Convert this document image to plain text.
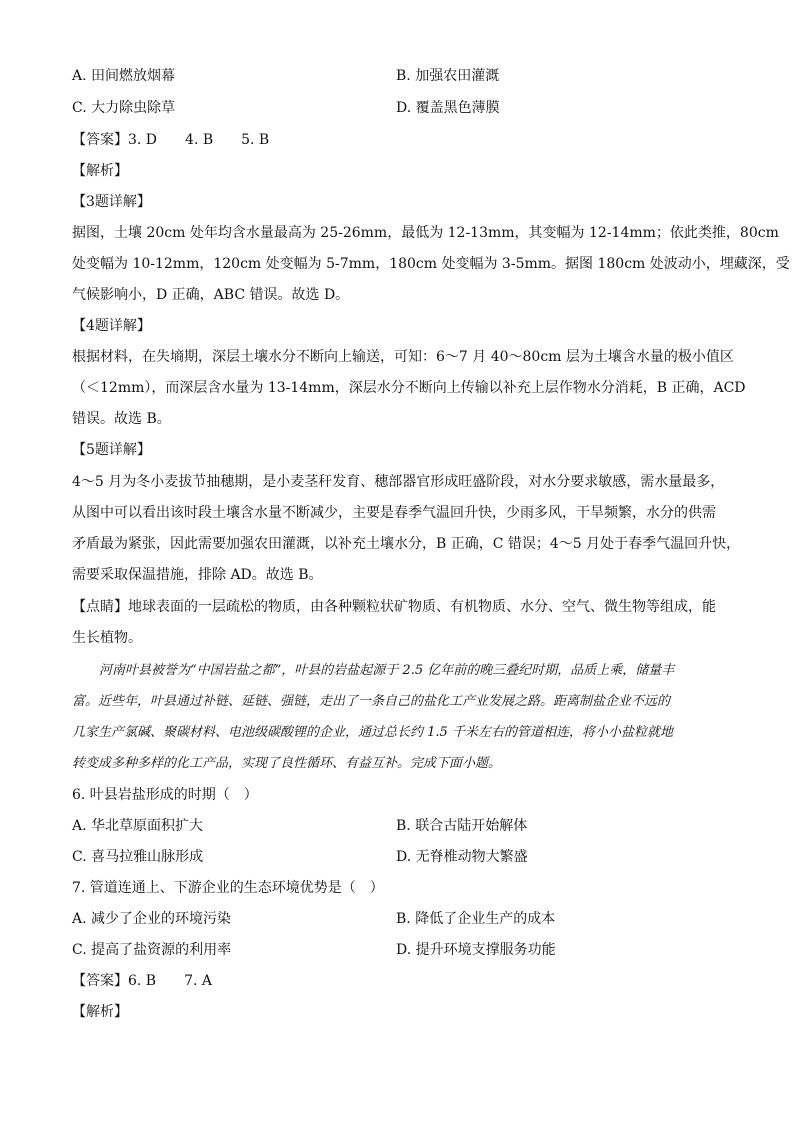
A. 田间燃放烟幕	B. 加强农田灌溉
C. 大力除虫除草	D. 覆盖黑色薄膜
【答案】3. D　　4. B　　5. B
【解析】
【3题详解】
据图，土壤 20cm 处年均含水量最高为 25-26mm，最低为 12-13mm，其变幅为 12-14mm；依此类推，80cm
处变幅为 10-12mm，120cm 处变幅为 5-7mm，180cm 处变幅为 3-5mm。据图 180cm 处波动小，埋藏深，受
气候影响小，D 正确，ABC 错误。故选 D。
【4题详解】
根据材料，在失墒期，深层土壤水分不断向上输送，可知：6～7 月 40～80cm 层为土壤含水量的极小值区
（＜12mm），而深层含水量为 13-14mm，深层水分不断向上传输以补充上层作物水分消耗，B 正确，ACD
错误。故选 B。
【5题详解】
4～5 月为冬小麦拔节抽穗期，是小麦茎秆发育、穗部器官形成旺盛阶段，对水分要求敏感，需水量最多，
从图中可以看出该时段土壤含水量不断减少，主要是春季气温回升快，少雨多风，干旱频繁，水分的供需
矛盾最为紧张，因此需要加强农田灌溉，以补充土壤水分，B 正确，C 错误；4～5 月处于春季气温回升快，
需要采取保温措施，排除 AD。故选 B。
【点睛】地球表面的一层疏松的物质，由各种颗粒状矿物质、有机物质、水分、空气、微生物等组成，能
生长植物。
河南叶县被誉为“中国岩盐之都”，叶县的岩盐起源于 2.5 亿年前的晚三叠纪时期，品质上乘，储量丰
富。近些年，叶县通过补链、延链、强链，走出了一条自己的盐化工产业发展之路。距离制盐企业不远的
几家生产氯碱、聚碳材料、电池级碳酸锂的企业，通过总长约 1.5 千米左右的管道相连，将小小盐粒就地
转变成多种多样的化工产品，实现了良性循环、有益互补。完成下面小题。
6. 叶县岩盐形成的时期（　）
A. 华北草原面积扩大	B. 联合古陆开始解体
C. 喜马拉雅山脉形成	D. 无脊椎动物大繁盛
7. 管道连通上、下游企业的生态环境优势是（　）
A. 减少了企业的环境污染	B. 降低了企业生产的成本
C. 提高了盐资源的利用率	D. 提升环境支撑服务功能
【答案】6. B　　7. A
【解析】
